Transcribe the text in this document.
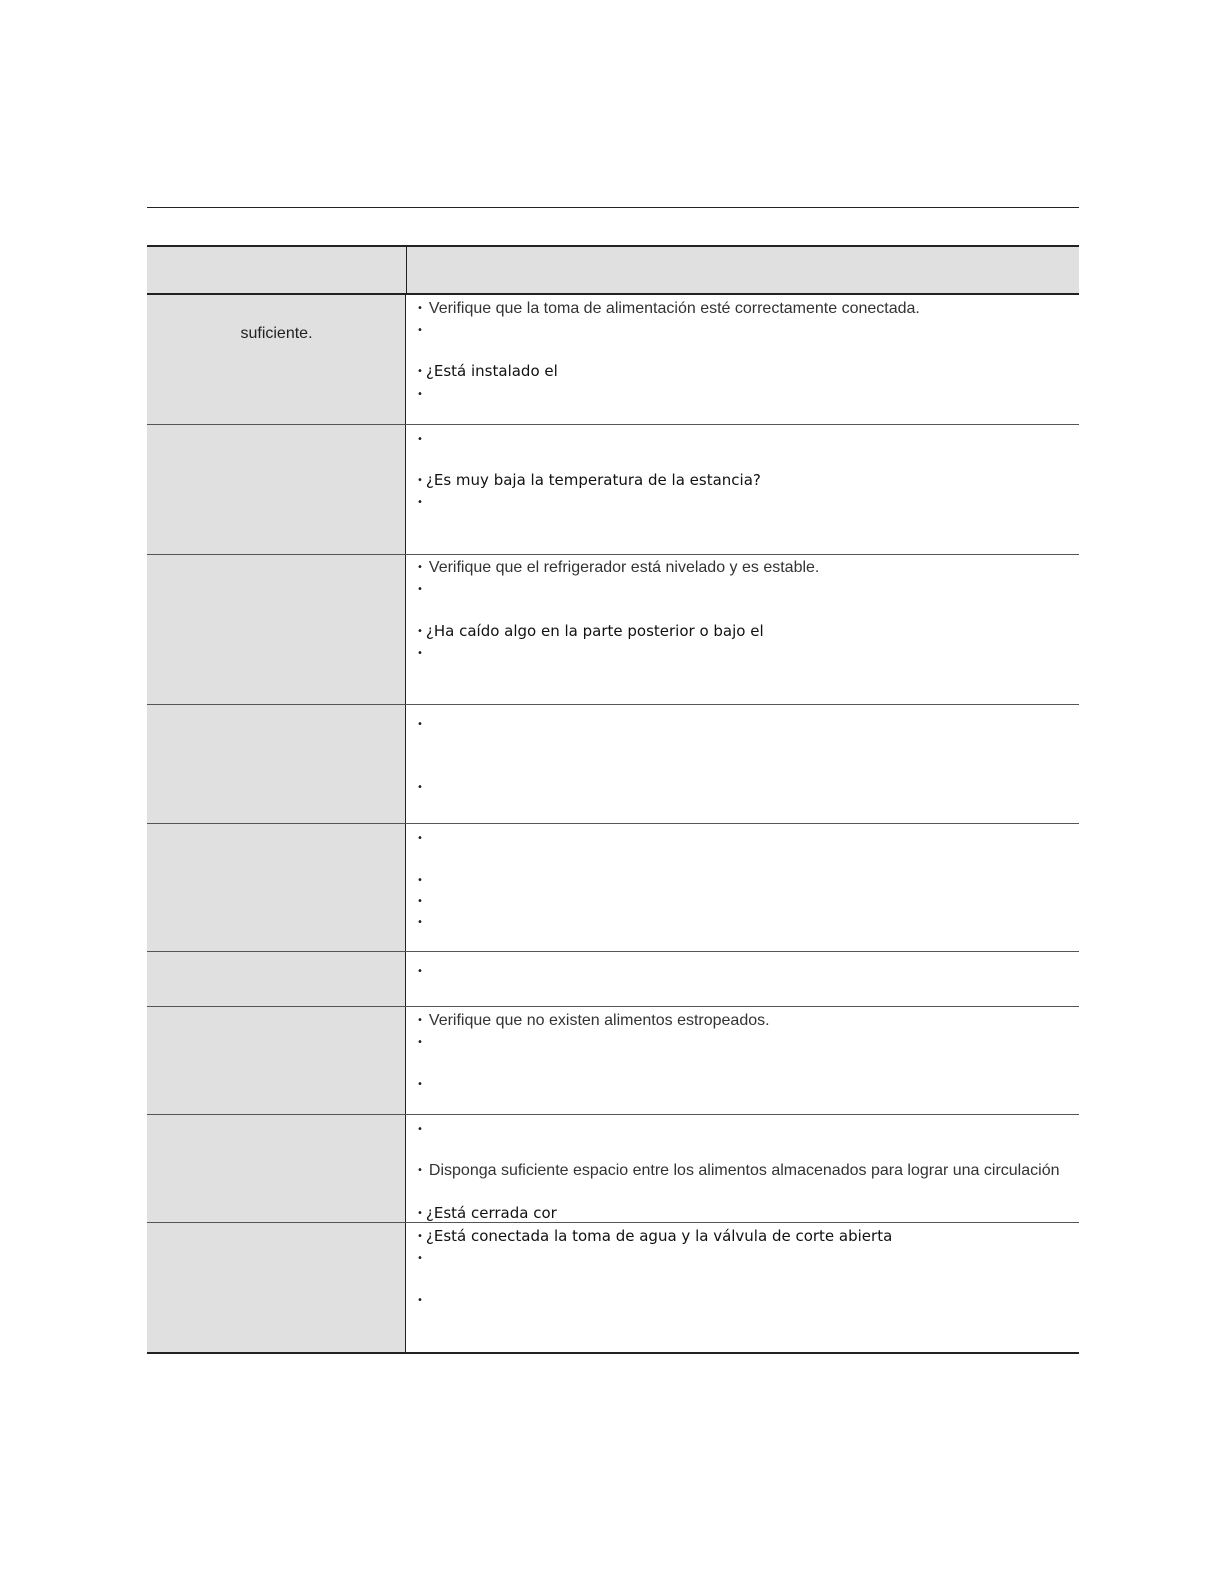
suficiente.
• Verifique que la toma de alimentación esté correctamente conectada.
•
• ¿Está instalado el
•
•
• ¿Es muy baja la temperatura de la estancia?
•
• Verifique que el refrigerador está nivelado y es estable.
•
• ¿Ha caído algo en la parte posterior o bajo el
•
•
•
•
•
•
•
•
• Verifique que no existen alimentos estropeados.
•
•
•
• Disponga suficiente espacio entre los alimentos almacenados para lograr una circulación
• ¿Está cerrada cor
• ¿Está conectada la toma de agua y la válvula de corte abierta
•
•
